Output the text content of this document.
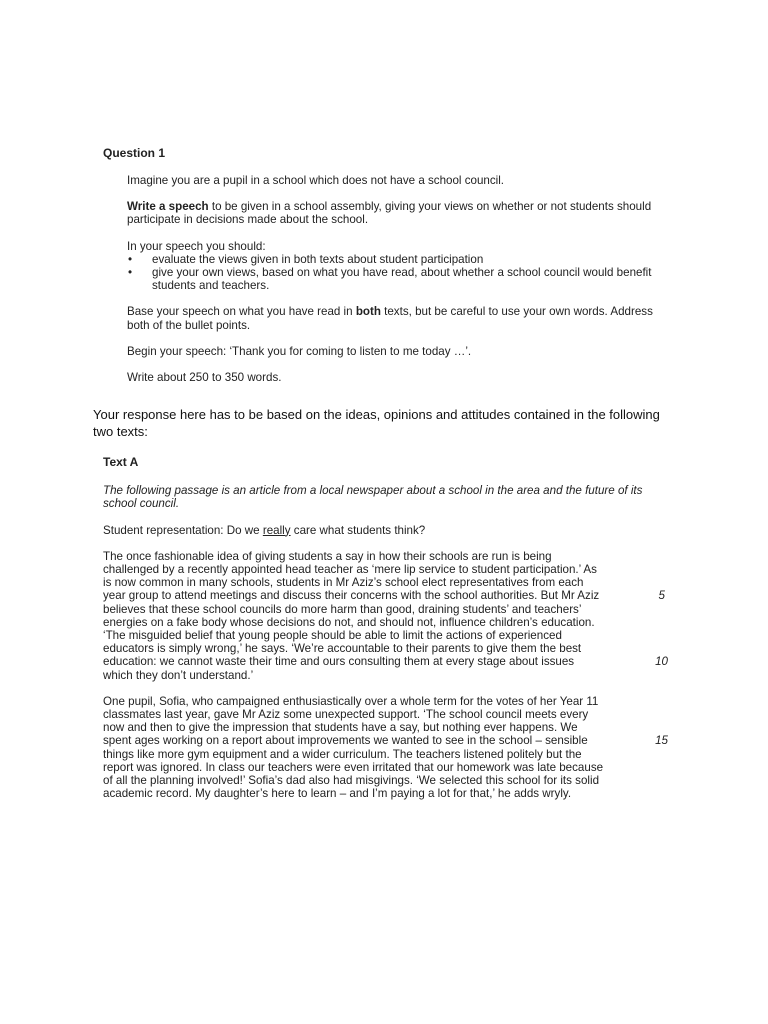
Question 1

Imagine you are a pupil in a school which does not have a school council.

Write a speech to be given in a school assembly, giving your views on whether or not students should participate in decisions made about the school.

In your speech you should:

• evaluate the views given in both texts about student participation
• give your own views, based on what you have read, about whether a school council would benefit students and teachers.

Base your speech on what you have read in both texts, but be careful to use your own words. Address both of the bullet points.

Begin your speech: ‘Thank you for coming to listen to me today …’.

Write about 250 to 350 words.

Your response here has to be based on the ideas, opinions and attitudes contained in the following two texts:
Text A
The following passage is an article from a local newspaper about a school in the area and the future of its school council.
Student representation: Do we really care what students think?
The once fashionable idea of giving students a say in how their schools are run is being
challenged by a recently appointed head teacher as ‘mere lip service to student participation.’ As
is now common in many schools, students in Mr Aziz’s school elect representatives from each
year group to attend meetings and discuss their concerns with the school authorities. But Mr Aziz	5
believes that these school councils do more harm than good, draining students’ and teachers’
energies on a fake body whose decisions do not, and should not, influence children’s education.
‘The misguided belief that young people should be able to limit the actions of experienced
educators is simply wrong,’ he says. ‘We’re accountable to their parents to give them the best
education: we cannot waste their time and ours consulting them at every stage about issues	10
which they don’t understand.’
One pupil, Sofia, who campaigned enthusiastically over a whole term for the votes of her Year 11
classmates last year, gave Mr Aziz some unexpected support. ‘The school council meets every
now and then to give the impression that students have a say, but nothing ever happens. We
spent ages working on a report about improvements we wanted to see in the school – sensible	15
things like more gym equipment and a wider curriculum. The teachers listened politely but the
report was ignored. In class our teachers were even irritated that our homework was late because
of all the planning involved!’ Sofia’s dad also had misgivings. ‘We selected this school for its solid
academic record. My daughter’s here to learn – and I’m paying a lot for that,’ he adds wryly.
